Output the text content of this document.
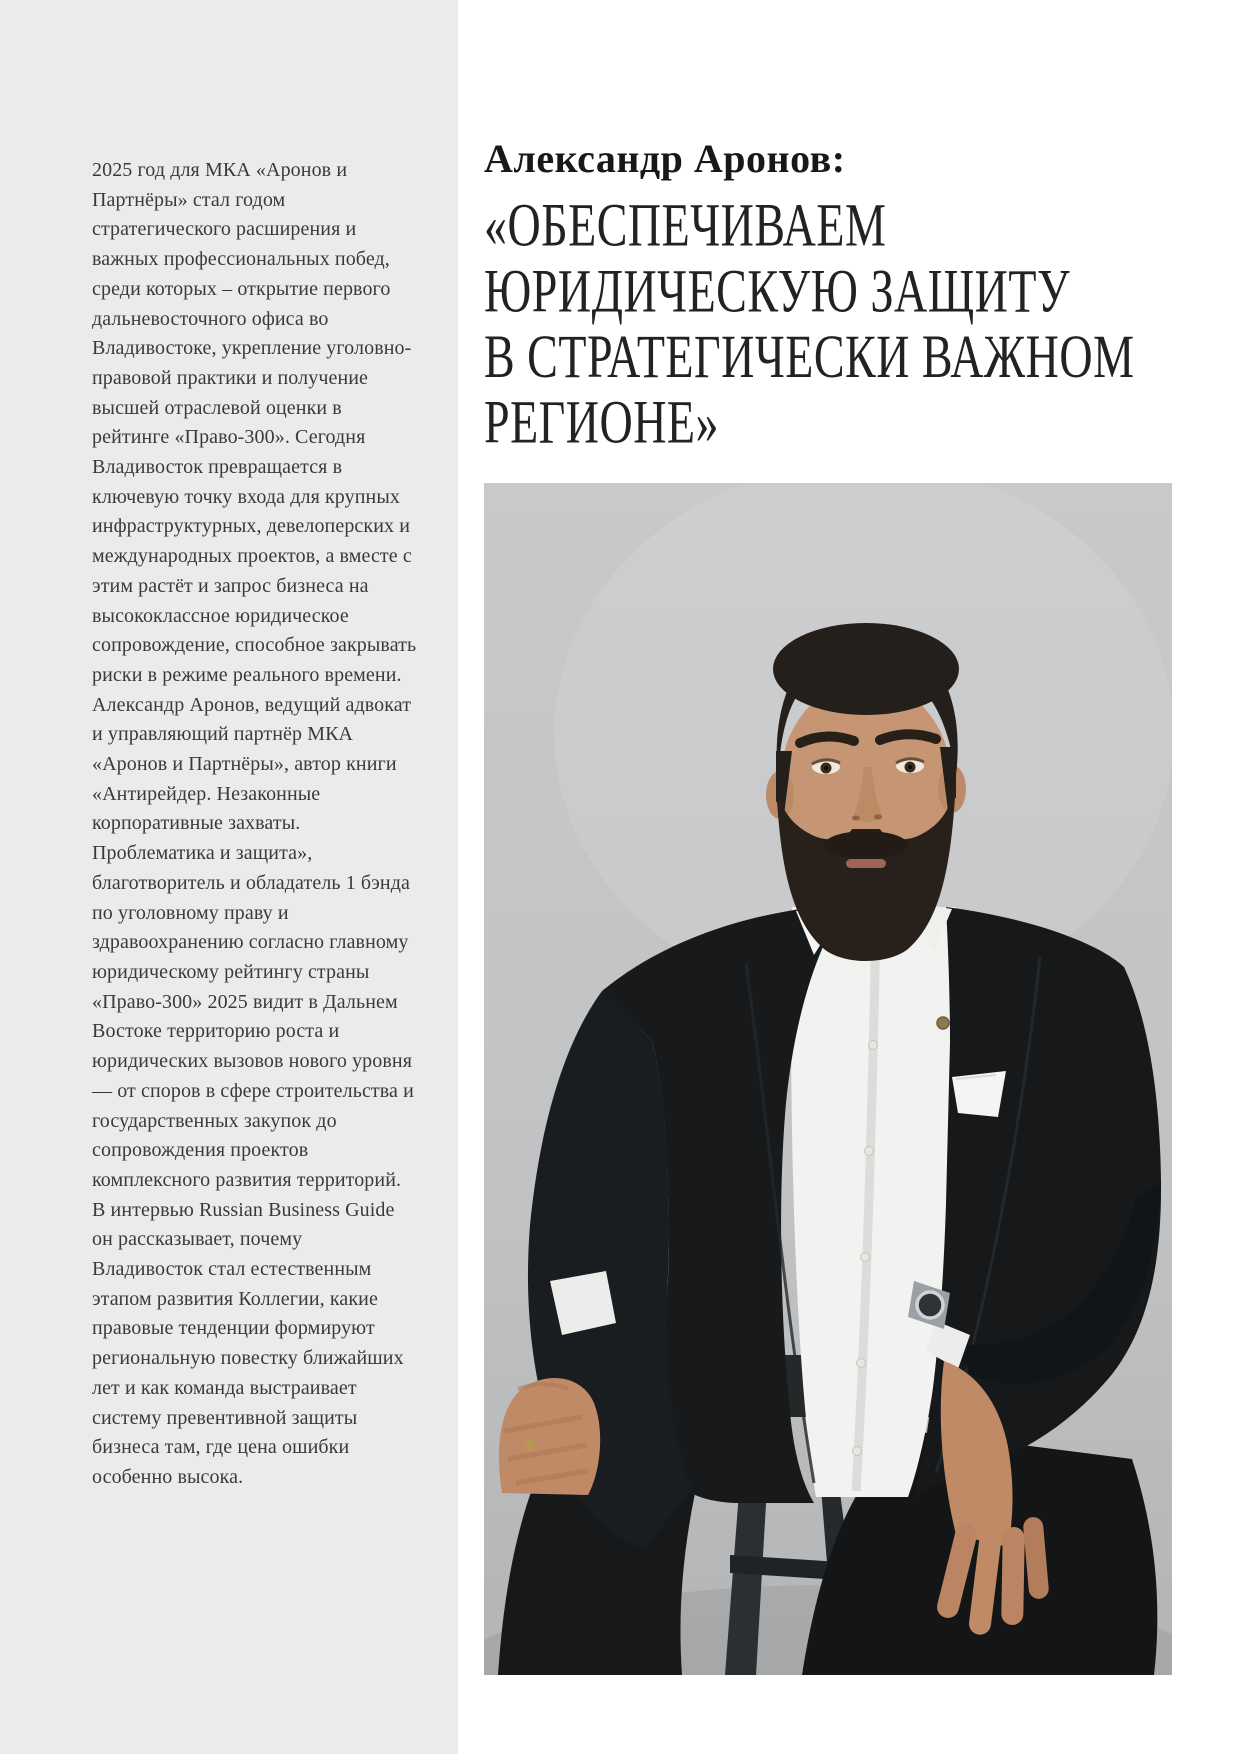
2025 год для МКА «Аронов и Партнёры» стал годом стратегического расширения и важных профессиональных побед, среди которых – открытие первого дальневосточного офиса во Владивостоке, укрепление уголовно-правовой практики и получение высшей отраслевой оценки в рейтинге «Право-300». Сегодня Владивосток превращается в ключевую точку входа для крупных инфраструктурных, девелоперских и международных проектов, а вместе с этим растёт и запрос бизнеса на высококлассное юридическое сопровождение, способное закрывать риски в режиме реального времени.

Александр Аронов, ведущий адвокат и управляющий партнёр МКА «Аронов и Партнёры», автор книги «Антирейдер. Незаконные корпоративные захваты. Проблематика и защита», благотворитель и обладатель 1 бэнда по уголовному праву и здравоохранению согласно главному юридическому рейтингу страны «Право-300» 2025 видит в Дальнем Востоке территорию роста и юридических вызовов нового уровня — от споров в сфере строительства и государственных закупок до сопровождения проектов комплексного развития территорий.

В интервью Russian Business Guide он рассказывает, почему Владивосток стал естественным этапом развития Коллегии, какие правовые тенденции формируют региональную повестку ближайших лет и как команда выстраивает систему превентивной защиты бизнеса там, где цена ошибки особенно высока.

Александр Аронов:
«ОБЕСПЕЧИВАЕМ
ЮРИДИЧЕСКУЮ ЗАЩИТУ
В СТРАТЕГИЧЕСКИ ВАЖНОМ
РЕГИОНЕ»
